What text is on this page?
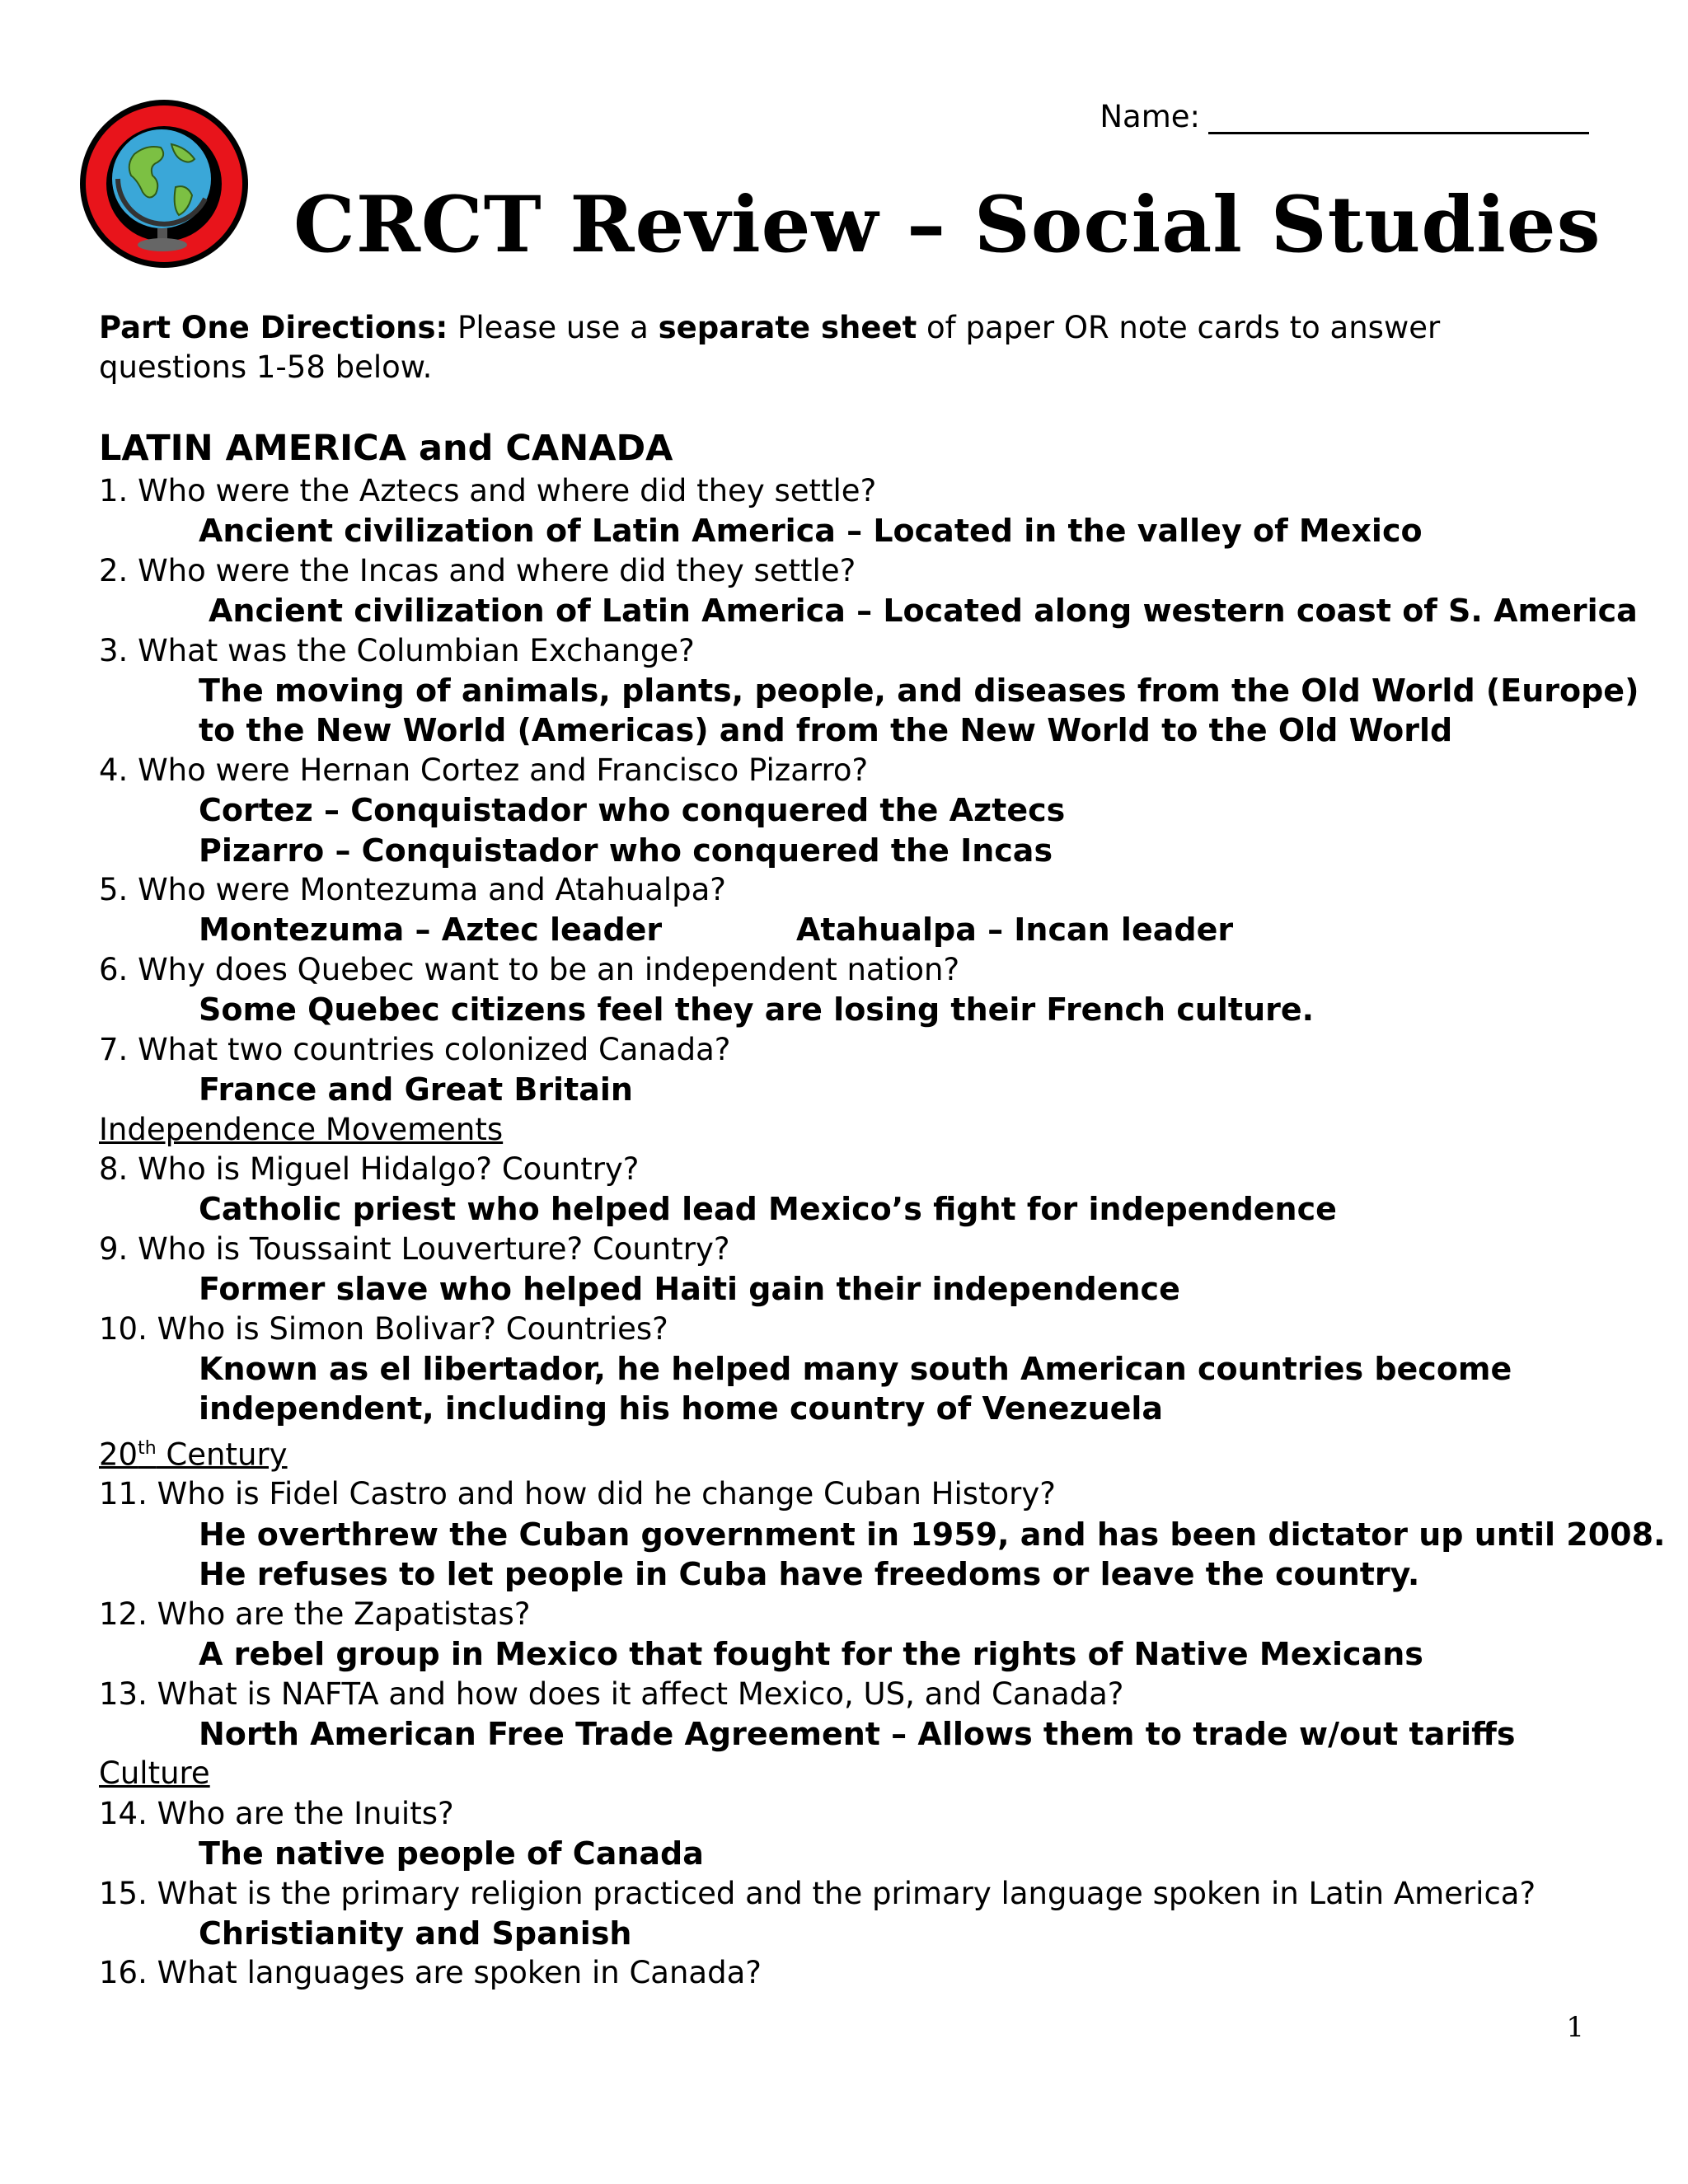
Name:
CRCT Review – Social Studies
Part One Directions: Please use a separate sheet of paper OR note cards to answer questions 1-58 below.
LATIN AMERICA and CANADA
1. Who were the Aztecs and where did they settle?
Ancient civilization of Latin America – Located in the valley of Mexico
2. Who were the Incas and where did they settle?
Ancient civilization of Latin America – Located along western coast of S. America
3. What was the Columbian Exchange?
The moving of animals, plants, people, and diseases from the Old World (Europe)
to the New World (Americas) and from the New World to the Old World
4. Who were Hernan Cortez and Francisco Pizarro?
Cortez – Conquistador who conquered the Aztecs
Pizarro – Conquistador who conquered the Incas
5. Who were Montezuma and Atahualpa?
Montezuma – Aztec leader	Atahualpa – Incan leader
6. Why does Quebec want to be an independent nation?
Some Quebec citizens feel they are losing their French culture.
7. What two countries colonized Canada?
France and Great Britain
Independence Movements
8. Who is Miguel Hidalgo? Country?
Catholic priest who helped lead Mexico’s fight for independence
9. Who is Toussaint Louverture? Country?
Former slave who helped Haiti gain their independence
10. Who is Simon Bolivar? Countries?
Known as el libertador, he helped many south American countries become
independent, including his home country of Venezuela
20th Century
11. Who is Fidel Castro and how did he change Cuban History?
He overthrew the Cuban government in 1959, and has been dictator up until 2008.
He refuses to let people in Cuba have freedoms or leave the country.
12. Who are the Zapatistas?
A rebel group in Mexico that fought for the rights of Native Mexicans
13. What is NAFTA and how does it affect Mexico, US, and Canada?
North American Free Trade Agreement – Allows them to trade w/out tariffs
Culture
14. Who are the Inuits?
The native people of Canada
15. What is the primary religion practiced and the primary language spoken in Latin America?
Christianity and Spanish
16. What languages are spoken in Canada?
1
